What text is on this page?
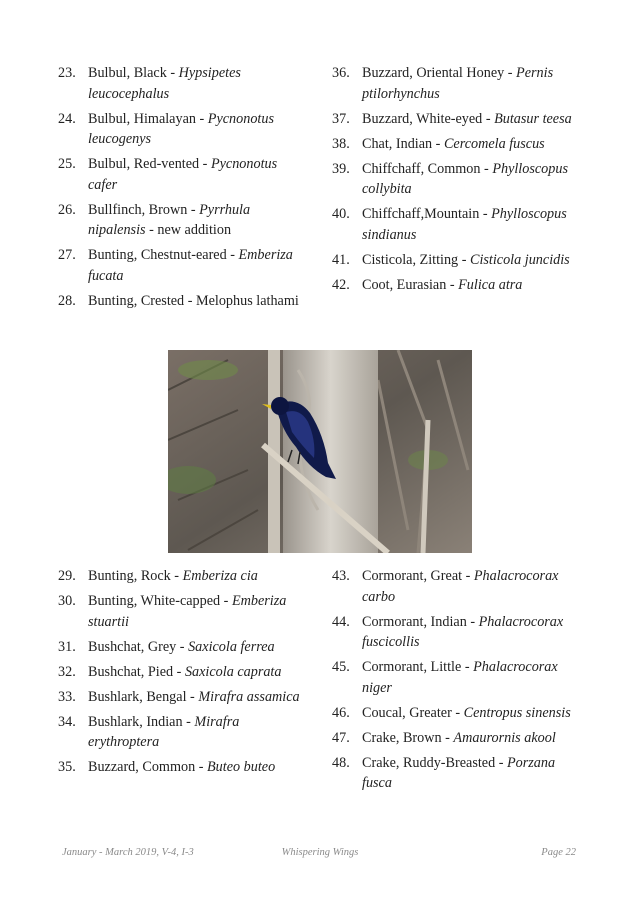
23. Bulbul, Black - Hypsipetes leucocephalus
24. Bulbul, Himalayan - Pycnonotus leucogenys
25. Bulbul, Red-vented - Pycnonotus cafer
26. Bullfinch, Brown - Pyrrhula nipalensis - new addition
27. Bunting, Chestnut-eared - Emberiza fucata
28. Bunting, Crested - Melophus lathami
36. Buzzard, Oriental Honey - Pernis ptilorhynchus
37. Buzzard, White-eyed - Butasur teesa
38. Chat, Indian - Cercomela fuscus
39. Chiffchaff, Common - Phylloscopus collybita
40. Chiffchaff,Mountain - Phylloscopus sindianus
41. Cisticola, Zitting - Cisticola juncidis
42. Coot, Eurasian - Fulica atra
29. Bunting, Rock - Emberiza cia
30. Bunting, White-capped - Emberiza stuartii
31. Bushchat, Grey - Saxicola ferrea
32. Bushchat, Pied - Saxicola caprata
33. Bushlark, Bengal - Mirafra assamica
34. Bushlark, Indian - Mirafra erythroptera
35. Buzzard, Common - Buteo buteo
43. Cormorant, Great - Phalacrocorax carbo
44. Cormorant, Indian - Phalacrocorax fuscicollis
45. Cormorant, Little - Phalacrocorax niger
46. Coucal, Greater - Centropus sinensis
47. Crake, Brown - Amaurornis akool
48. Crake, Ruddy-Breasted - Porzana fusca
January - March 2019, V-4, I-3	Whispering Wings	Page 22
